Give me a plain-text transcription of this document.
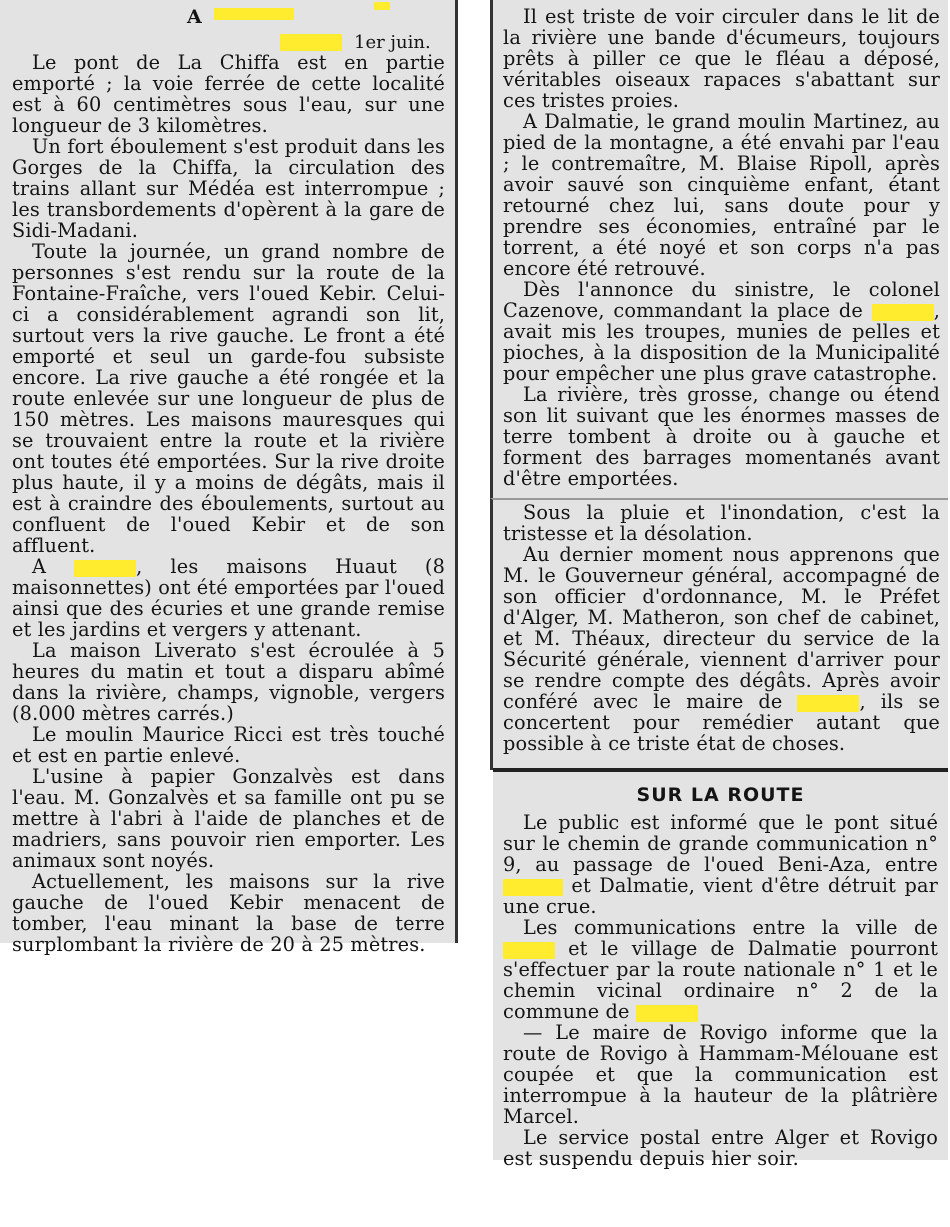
A
1er juin.

Le pont de La Chiffa est en partie emporté ; la voie ferrée de cette localité est à 60 centimètres sous l'eau, sur une longueur de 3 kilomètres.

Un fort éboulement s'est produit dans les Gorges de la Chiffa, la circulation des trains allant sur Médéa est interrompue ; les transbordements d'opèrent à la gare de Sidi-Madani.

Toute la journée, un grand nombre de personnes s'est rendu sur la route de la Fontaine-Fraîche, vers l'oued Kebir. Celui-ci a considérablement agrandi son lit, surtout vers la rive gauche. Le front a été emporté et seul un garde-fou subsiste encore. La rive gauche a été rongée et la route enlevée sur une longueur de plus de 150 mètres. Les maisons mauresques qui se trouvaient entre la route et la rivière ont toutes été emportées. Sur la rive droite plus haute, il y a moins de dégâts, mais il est à craindre des éboulements, surtout au confluent de l'oued Kebir et de son affluent.

A	, les maisons Huaut (8 maisonnettes) ont été emportées par l'oued ainsi que des écuries et une grande remise et les jardins et vergers y attenant.

La maison Liverato s'est écroulée à 5 heures du matin et tout a disparu abîmé dans la rivière, champs, vignoble, vergers (8.000 mètres carrés.)

Le moulin Maurice Ricci est très touché et est en partie enlevé.

L'usine à papier Gonzalvès est dans l'eau. M. Gonzalvès et sa famille ont pu se mettre à l'abri à l'aide de planches et de madriers, sans pouvoir rien emporter. Les animaux sont noyés.

Actuellement, les maisons sur la rive gauche de l'oued Kebir menacent de tomber, l'eau minant la base de terre surplombant la rivière de 20 à 25 mètres.

Il est triste de voir circuler dans le lit de la rivière une bande d'écumeurs, toujours prêts à piller ce que le fléau a déposé, véritables oiseaux rapaces s'abattant sur ces tristes proies.

A Dalmatie, le grand moulin Martinez, au pied de la montagne, a été envahi par l'eau ; le contremaître, M. Blaise Ripoll, après avoir sauvé son cinquième enfant, étant retourné chez lui, sans doute pour y prendre ses économies, entraîné par le torrent, a été noyé et son corps n'a pas encore été retrouvé.

Dès l'annonce du sinistre, le colonel Cazenove, commandant la place de	, avait mis les troupes, munies de pelles et pioches, à la disposition de la Municipalité pour empêcher une plus grave catastrophe.

La rivière, très grosse, change ou étend son lit suivant que les énormes masses de terre tombent à droite ou à gauche et forment des barrages momentanés avant d'être emportées.

Sous la pluie et l'inondation, c'est la tristesse et la désolation.

Au dernier moment nous apprenons que M. le Gouverneur général, accompagné de son officier d'ordonnance, M. le Préfet d'Alger, M. Matheron, son chef de cabinet, et M. Théaux, directeur du service de la Sécurité générale, viennent d'arriver pour se rendre compte des dégâts. Après avoir conféré avec le maire de	, ils se concertent pour remédier autant que possible à ce triste état de choses.

SUR LA ROUTE

Le public est informé que le pont situé sur le chemin de grande communication n° 9, au passage de l'oued Beni-Aza, entre  et Dalmatie, vient d'être détruit par une crue.

Les communications entre la ville de  et le village de Dalmatie pourront s'effectuer par la route nationale n° 1 et le chemin vicinal ordinaire n° 2 de la commune de

— Le maire de Rovigo informe que la route de Rovigo à Hammam-Mélouane est coupée et que la communication est interrompue à la hauteur de la plâtrière Marcel.

Le service postal entre Alger et Rovigo est suspendu depuis hier soir.
